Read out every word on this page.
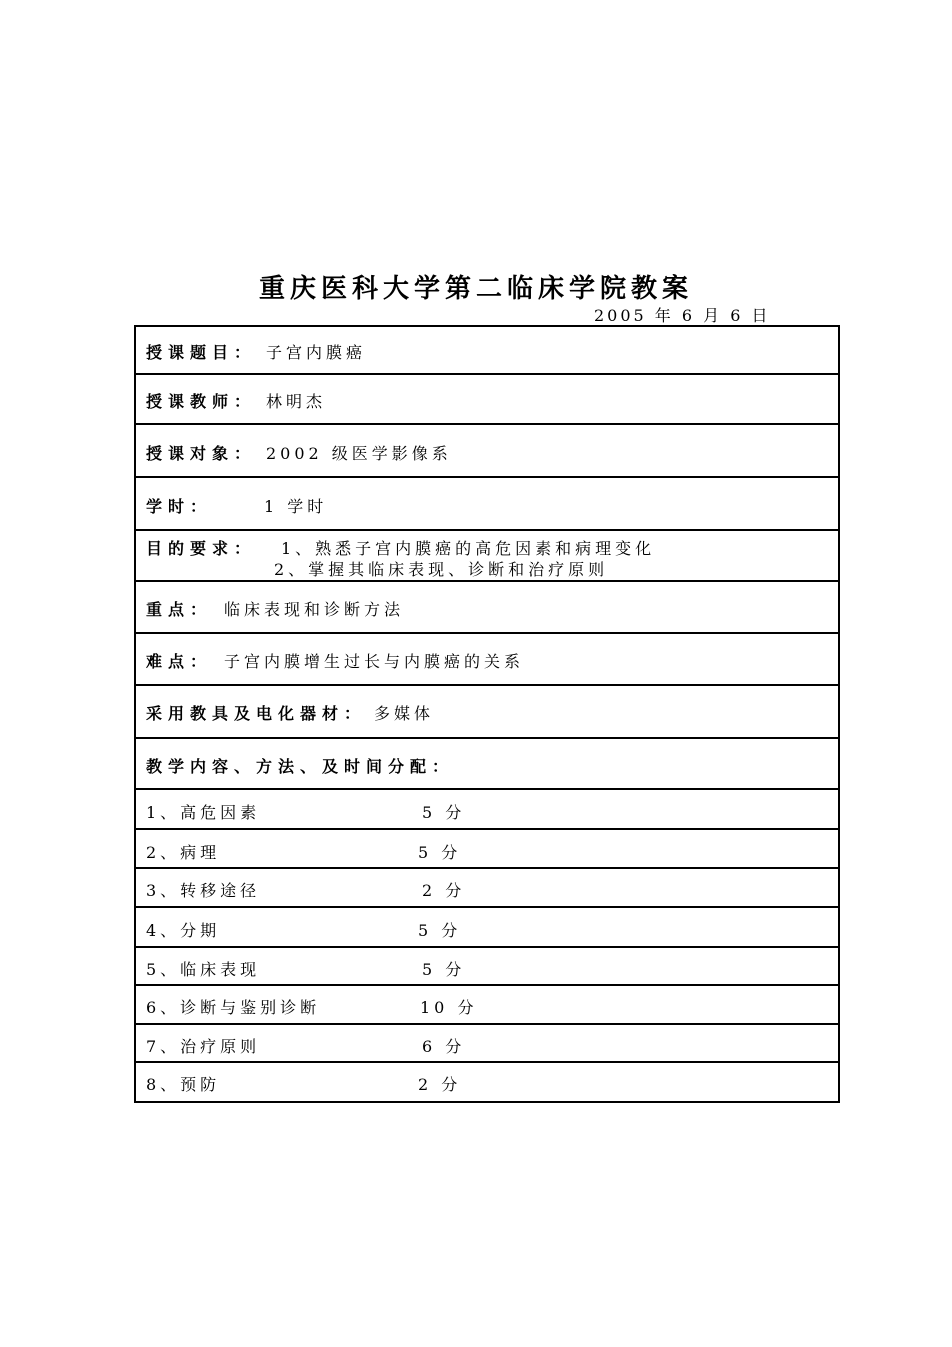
重庆医科大学第二临床学院教案
2005 年 6 月 6 日
授课题目： 子宫内膜癌
授课教师： 林明杰
授课对象： 2002 级医学影像系
学时：	1 学时
目的要求： 1、熟悉子宫内膜癌的高危因素和病理变化
2、掌握其临床表现、诊断和治疗原则
重点： 临床表现和诊断方法
难点： 子宫内膜增生过长与内膜癌的关系
采用教具及电化器材： 多媒体
教学内容、方法、及时间分配：
1、高危因素	5 分
2、病理	5 分
3、转移途径	2 分
4、分期	5 分
5、临床表现	5 分
6、诊断与鉴别诊断	10 分
7、治疗原则	6 分
8、预防	2 分
